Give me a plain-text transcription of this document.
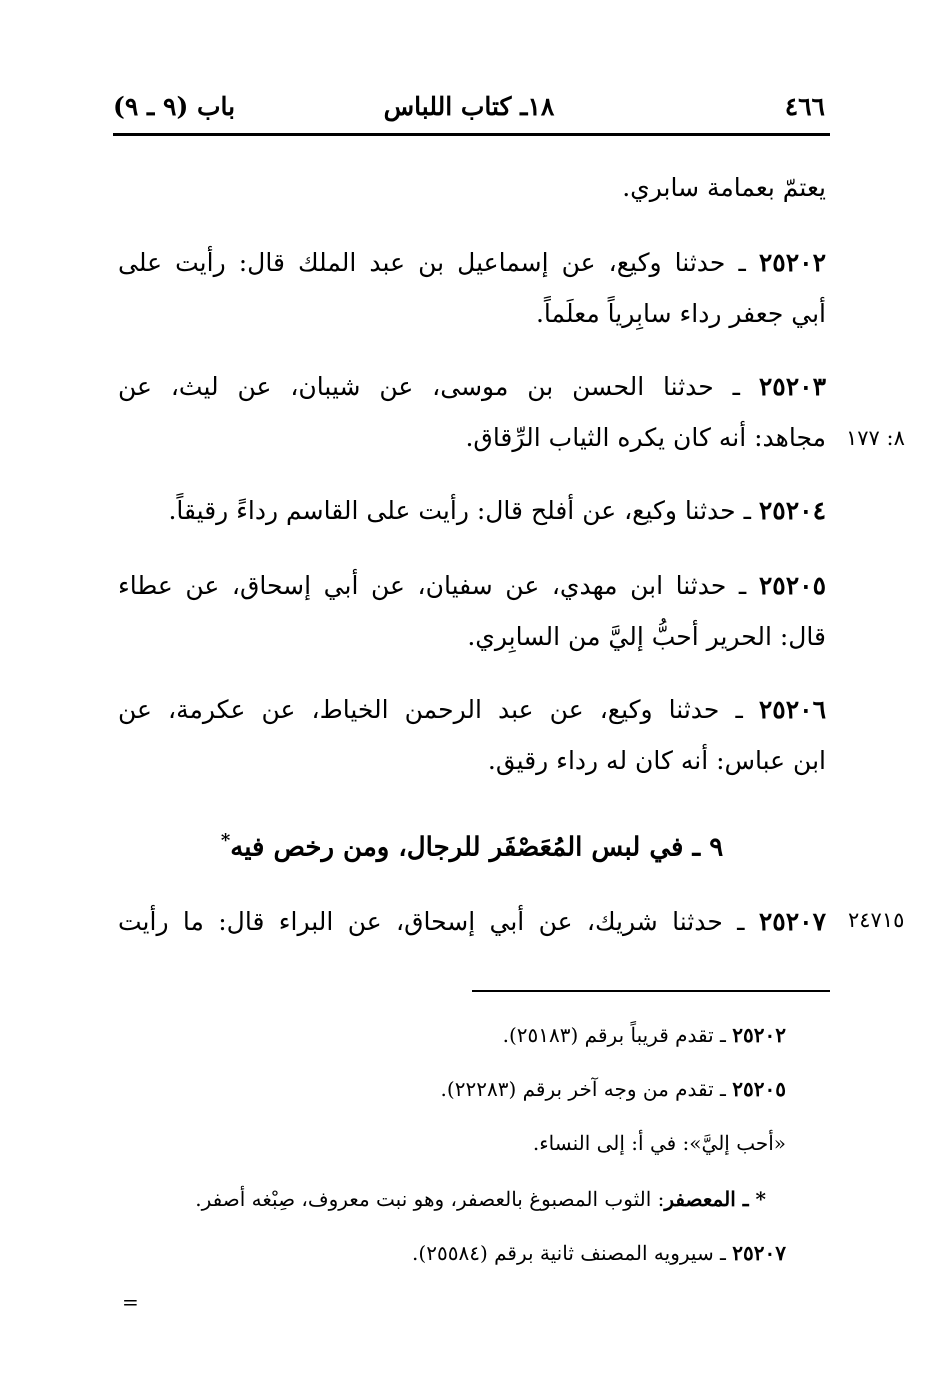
٤٦٦
١٨ـ كتاب اللباس
باب (٩ ـ ٩)
يعتمّ بعمامة سابري.
٢٥٢٠٢ ـ حدثنا وكيع، عن إسماعيل بن عبد الملك قال: رأيت على
أبي جعفر رداء سابِرياً معلَماً.
٢٥٢٠٣ ـ حدثنا الحسن بن موسى، عن شيبان، عن ليث، عن
مجاهد: أنه كان يكره الثياب الرِّقاق. ٨: ١٧٧
٢٥٢٠٤ ـ حدثنا وكيع، عن أفلح قال: رأيت على القاسم رداءً رقيقاً.
٢٥٢٠٥ ـ حدثنا ابن مهدي، عن سفيان، عن أبي إسحاق، عن عطاء
قال: الحرير أحبُّ إليَّ من السابِري.
٢٥٢٠٦ ـ حدثنا وكيع، عن عبد الرحمن الخياط، عن عكرمة، عن
ابن عباس: أنه كان له رداء رقيق.
٩ ـ في لبس المُعَصْفَر للرجال، ومن رخص فيه*
٢٥٢٠٧ ـ حدثنا شريك، عن أبي إسحاق، عن البراء قال: ما رأيت	٢٤٧١٥
٢٥٢٠٢ ـ تقدم قريباً برقم (٢٥١٨٣).
٢٥٢٠٥ ـ تقدم من وجه آخر برقم (٢٢٢٨٣).
«أحب إليَّ»: في أ: إلى النساء.
* ـ المعصفر: الثوب المصبوغ بالعصفر، وهو نبت معروف، صِبْغه أصفر.
٢٥٢٠٧ ـ سيرويه المصنف ثانية برقم (٢٥٥٨٤).
=
